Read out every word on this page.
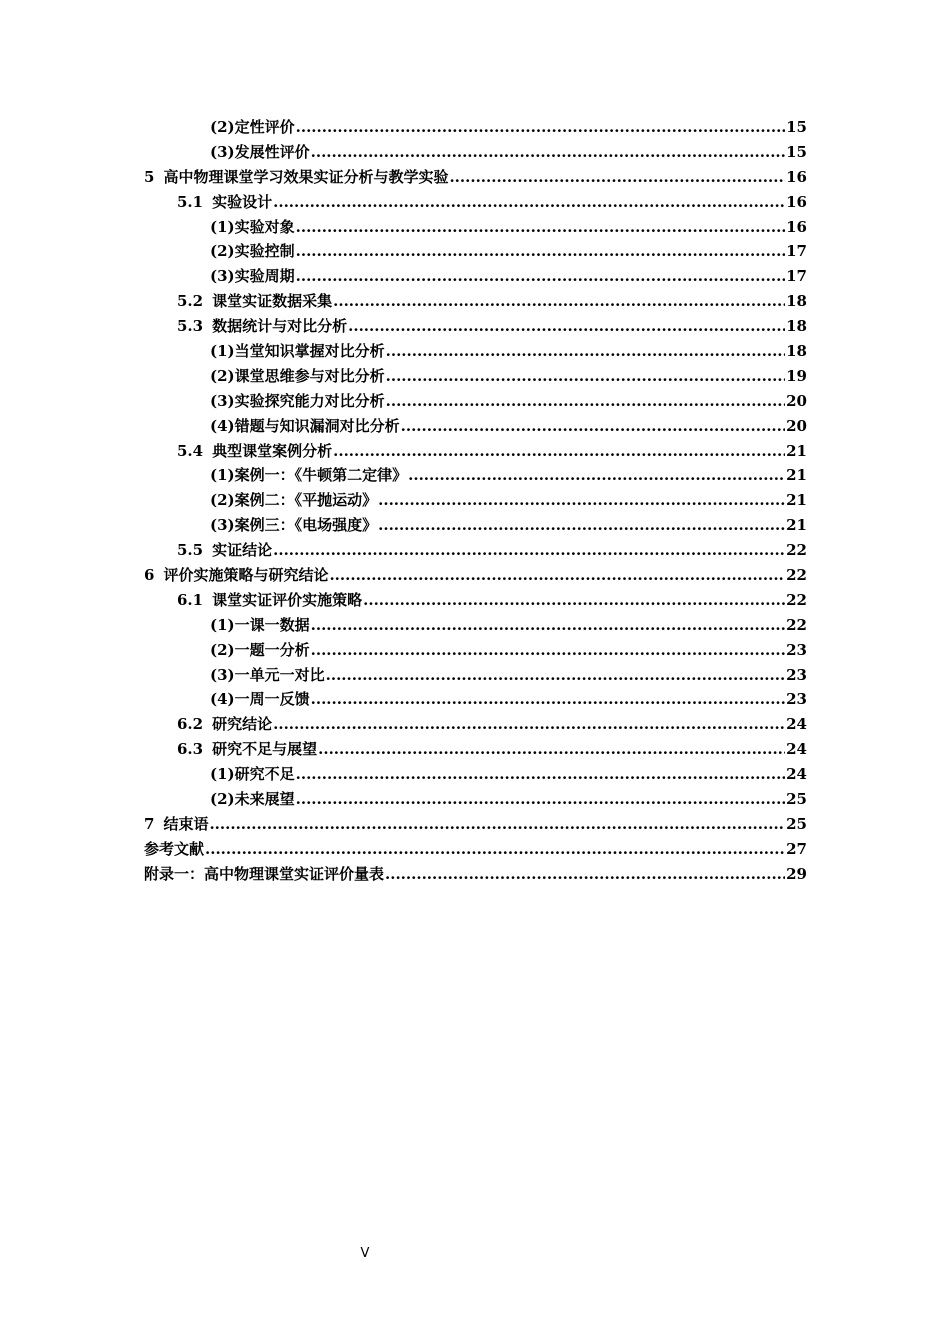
(2)定性评价 .....	15
(3)发展性评价 .....	15
5 高中物理课堂学习效果实证分析与教学实验 .....	16
5.1 实验设计 .....	16
(1)实验对象 .....	16
(2)实验控制 .....	17
(3)实验周期 .....	17
5.2 课堂实证数据采集 .....	18
5.3 数据统计与对比分析 .....	18
(1)当堂知识掌握对比分析 .....	18
(2)课堂思维参与对比分析 .....	19
(3)实验探究能力对比分析 .....	20
(4)错题与知识漏洞对比分析 .....	20
5.4 典型课堂案例分析 .....	21
(1)案例一：《牛顿第二定律》 .....	21
(2)案例二：《平抛运动》 .....	21
(3)案例三：《电场强度》 .....	21
5.5 实证结论 .....	22
6 评价实施策略与研究结论 .....	22
6.1 课堂实证评价实施策略 .....	22
(1)一课一数据 .....	22
(2)一题一分析 .....	23
(3)一单元一对比 .....	23
(4)一周一反馈 .....	23
6.2 研究结论 .....	24
6.3 研究不足与展望 .....	24
(1)研究不足 .....	24
(2)未来展望 .....	25
7 结束语 .....	25
参考文献 .....	27
附录一：高中物理课堂实证评价量表 .....	29
V
